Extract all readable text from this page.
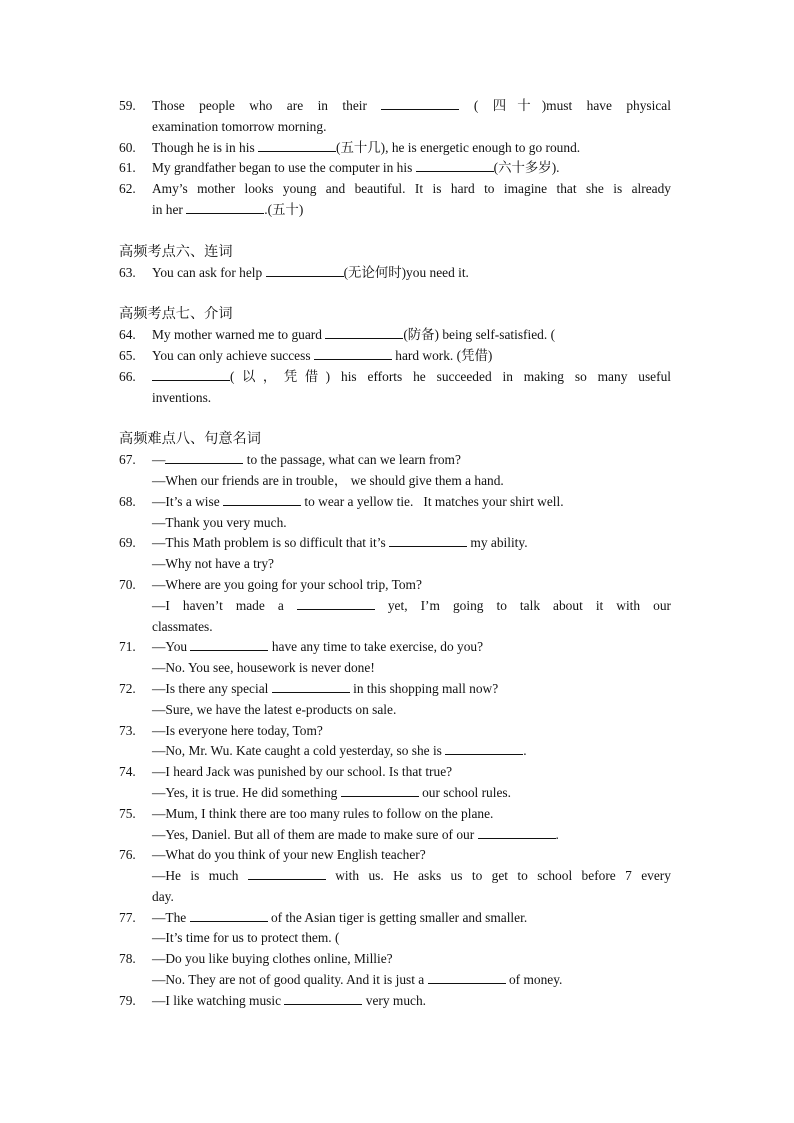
59. Those people who are in their	( 四十)must have physical
examination tomorrow morning.
60. Though he is in his	(五十几), he is energetic enough to go round.
61. My grandfather began to use the computer in his	(六十多岁).
62. Amy’s mother looks young and beautiful. It is hard to imagine that she is already
in her	.(五十)
高频考点六、连词
63. You can ask for help	(无论何时)you need it.
高频考点七、介词
64. My mother warned me to guard	(防备) being self-satisfied. (
65. You can only achieve success	hard work. (凭借)
66.	(以，凭借) his efforts he succeeded in making so many useful
inventions.
高频难点八、句意名词
67. —	to the passage, what can we learn from?
—When our friends are in trouble， we should give them a hand.
68. —It’s a wise	to wear a yellow tie.   It matches your shirt well.
—Thank you very much.
69. —This Math problem is so difficult that it’s	my ability.
—Why not have a try?
70. —Where are you going for your school trip, Tom?
—I haven’t made a	yet, I’m going to talk about it with our
classmates.
71. —You	have any time to take exercise, do you?
—No. You see, housework is never done!
72. —Is there any special	in this shopping mall now?
—Sure, we have the latest e-products on sale.
73. —Is everyone here today, Tom?
—No, Mr. Wu. Kate caught a cold yesterday, so she is	.
74. —I heard Jack was punished by our school. Is that true?
—Yes, it is true. He did something	our school rules.
75. —Mum, I think there are too many rules to follow on the plane.
—Yes, Daniel. But all of them are made to make sure of our	.
76. —What do you think of your new English teacher?
—He is much	with us. He asks us to get to school before 7 every
day.
77. —The	of the Asian tiger is getting smaller and smaller.
—It’s time for us to protect them. (
78. —Do you like buying clothes online, Millie?
—No. They are not of good quality. And it is just a	of money.
79. —I like watching music	very much.
